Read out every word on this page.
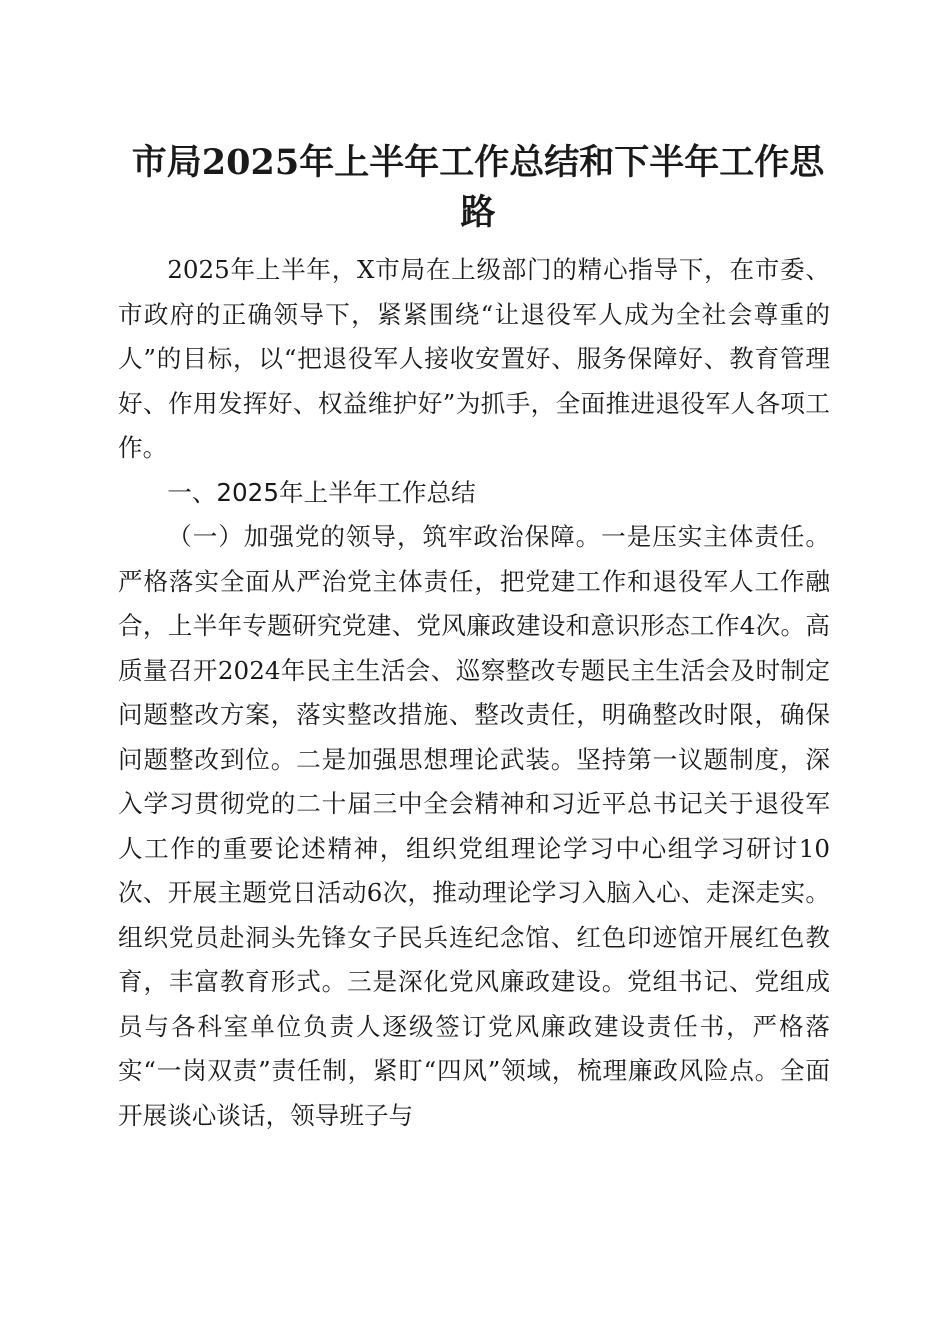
市局2025年上半年工作总结和下半年工作思路

2025年上半年，X市局在上级部门的精心指导下，在市委、市政府的正确领导下，紧紧围绕“让退役军人成为全社会尊重的人”的目标，以“把退役军人接收安置好、服务保障好、教育管理好、作用发挥好、权益维护好”为抓手，全面推进退役军人各项工作。

一、2025年上半年工作总结

（一）加强党的领导，筑牢政治保障。一是压实主体责任。严格落实全面从严治党主体责任，把党建工作和退役军人工作融合，上半年专题研究党建、党风廉政建设和意识形态工作4次。高质量召开2024年民主生活会、巡察整改专题民主生活会及时制定问题整改方案，落实整改措施、整改责任，明确整改时限，确保问题整改到位。二是加强思想理论武装。坚持第一议题制度，深入学习贯彻党的二十届三中全会精神和习近平总书记关于退役军人工作的重要论述精神，组织党组理论学习中心组学习研讨10次、开展主题党日活动6次，推动理论学习入脑入心、走深走实。组织党员赴洞头先锋女子民兵连纪念馆、红色印迹馆开展红色教育，丰富教育形式。三是深化党风廉政建设。党组书记、党组成员与各科室单位负责人逐级签订党风廉政建设责任书，严格落实“一岗双责”责任制，紧盯“四风”领域，梳理廉政风险点。全面开展谈心谈话，领导班子与
